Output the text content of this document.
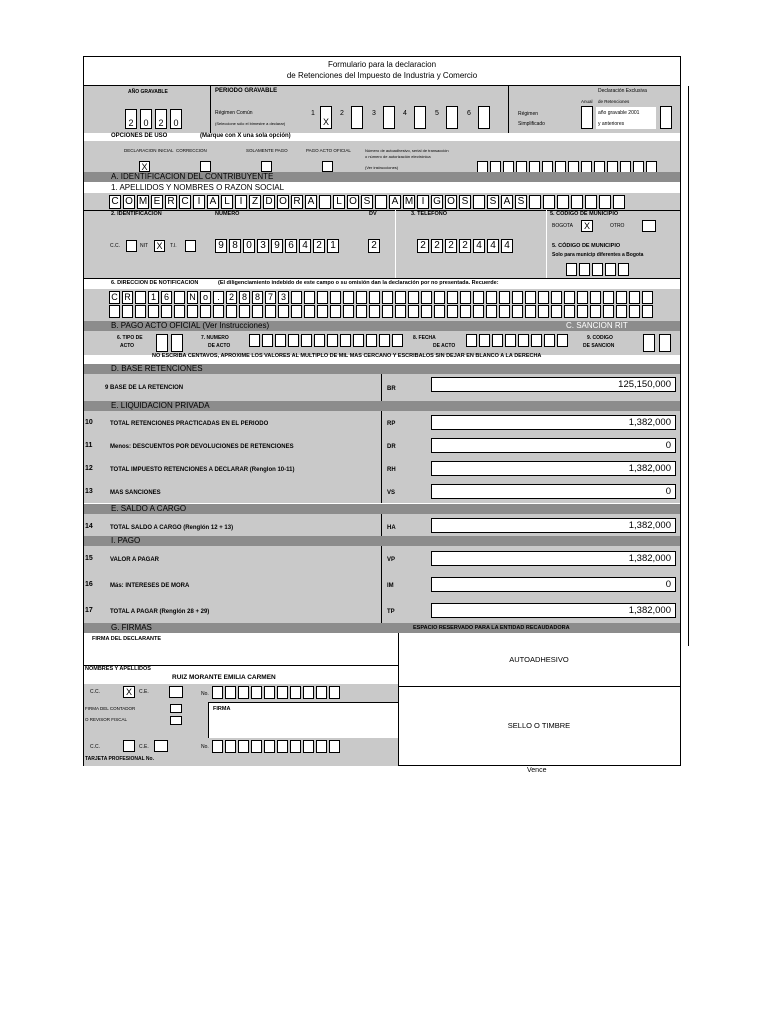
Formulario para la declaracion
de Retenciones del Impuesto de Industria y Comercio
AÑO GRAVABLE
2	0	2	0
PERIODO GRAVABLE
Régimen Común
(Seleccione sólo el bimestre a declarar)
1
X
2	3	4	5	6
Declaración Exclusiva
Anual de Retenciones
Régimen
Simplificado
año gravable 2001
y anteriores
OPCIONES DE USO	(Marque con X una sola opción)
DECLARACION INICIAL CORRECCION	SOLAMENTE PAGO	PAGO ACTO OFICIAL	Número de autoadhesivo, serial de transacción
o número de autorización electrónica
(Ver instrucciones)
X
A. IDENTIFICACION DEL CONTRIBUYENTE
1. APELLIDOS Y NOMBRES O RAZON SOCIAL
C O M E R C I A L I Z D O R A	L O S A M I G O S S A S
2. IDENTIFICACION	NUMERO	DV	3. TELÉFONO	5. CÓDIGO DE MUNICIPIO
C.C.	NIT X	T.I.	9 8 0 3 9 6 4 2 1	2	2 2 2 2 4 4 4
BOGOTA	X	OTRO
5. CÓDIGO DE MUNICIPIO
Solo para municip diferentes a Bogota
6. DIRECCION DE NOTIFICACION	(El diligenciamiento indebido de este campo o su omisión dan la declaración por no presentada. Recuerde:
C R	1 6	N o	.	2 8 8 7 3
B. PAGO ACTO OFICIAL (Ver Instrucciones)	C. SANCION RIT
6. TIPO DE
ACTO
7. NUMERO
DE ACTO
8. FECHA
DE ACTO
9. CODIGO
DE SANCION
NO ESCRIBA CENTAVOS, APROXIME LOS VALORES AL MULTIPLO DE MIL MAS CERCANO Y ESCRIBALOS SIN DEJAR EN BLANCO A LA DERECHA
D. BASE RETENCIONES
9 BASE DE LA RETENCION	BR	125,150,000
E. LIQUIDACION PRIVADA
10	TOTAL RETENCIONES PRACTICADAS EN EL PERIODO	RP	1,382,000
11	Menos: DESCUENTOS POR DEVOLUCIONES DE RETENCIONES	DR	0
12	TOTAL IMPUESTO RETENCIONES A DECLARAR (Renglon 10-11)	RH	1,382,000
13	MAS SANCIONES	VS	0
E. SALDO A CARGO
14	TOTAL SALDO A CARGO (Renglón 12 + 13)	HA	1,382,000
I. PAGO
15	VALOR A PAGAR	VP	1,382,000
16	Más: INTERESES DE MORA	IM	0
17	TOTAL A PAGAR (Renglón 28 + 29)	TP	1,382,000
G. FIRMAS	ESPACIO RESERVADO PARA LA ENTIDAD RECAUDADORA
AUTOADHESIVO
SELLO O TIMBRE
FIRMA DEL DECLARANTE
NOMBRES Y APELLIDOS
RUIZ MORANTE EMILIA CARMEN
C.C.	X	C.E.	No.
FIRMA DEL CONTADOR
O REVISOR FISCAL
FIRMA
C.C.	C.E.	No.
TARJETA PROFESIONAL No.
Vence
